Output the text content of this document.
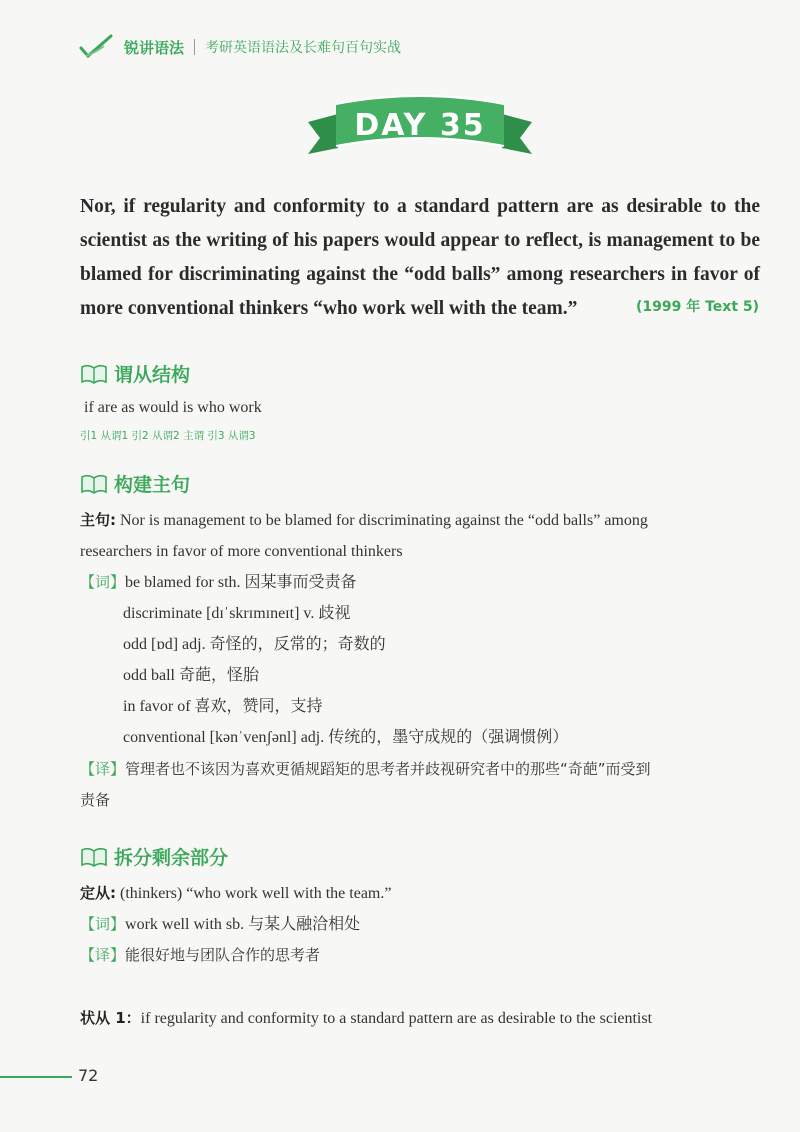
锐讲语法 考研英语语法及长难句百句实战
DAY 35
Nor, if regularity and conformity to a standard pattern are as desirable to the scientist as the writing of his papers would appear to reflect, is management to be blamed for discriminating against the “odd balls” among researchers in favor of more conventional thinkers “who work well with the team.”	(1999 年 Text 5)
谓从结构
if are as would is who work
引1 从谓1 引2 从谓2 主谓 引3 从谓3
构建主句
主句: Nor is management to be blamed for discriminating against the “odd balls” among
researchers in favor of more conventional thinkers
【词】be blamed for sth. 因某事而受责备
discriminate [dɪˈskrɪmɪneɪt] v. 歧视
odd [ɒd] adj. 奇怪的，反常的；奇数的
odd ball 奇葩，怪胎
in favor of 喜欢，赞同，支持
conventional [kənˈvenʃənl] adj. 传统的，墨守成规的（强调惯例）
【译】管理者也不该因为喜欢更循规蹈矩的思考者并歧视研究者中的那些“奇葩”而受到
责备
拆分剩余部分
定从: (thinkers) “who work well with the team.”
【词】work well with sb. 与某人融洽相处
【译】能很好地与团队合作的思考者
状从 1：if regularity and conformity to a standard pattern are as desirable to the scientist
72
